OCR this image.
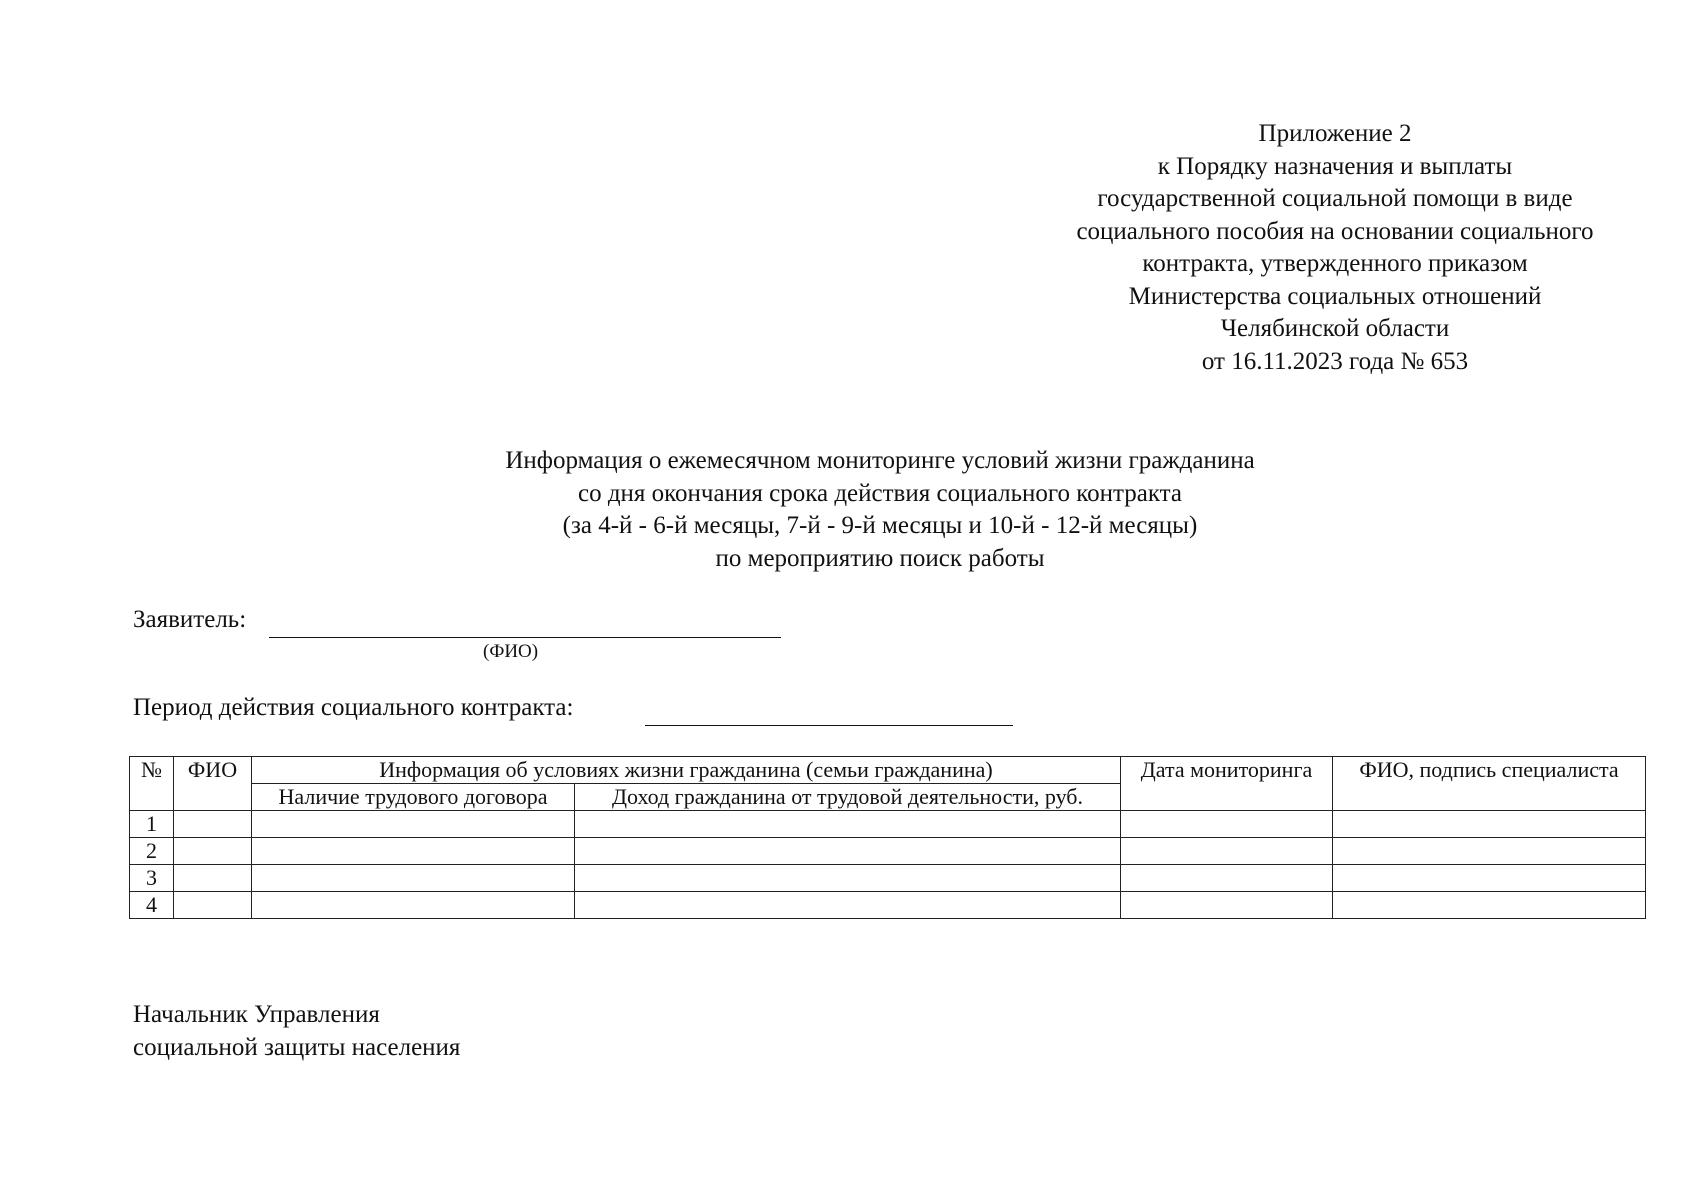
Приложение 2
к Порядку назначения и выплаты
государственной социальной помощи в виде
социального пособия на основании социального
контракта, утвержденного приказом
Министерства социальных отношений
Челябинской области
от 16.11.2023 года № 653
Информация о ежемесячном мониторинге условий жизни гражданина
со дня окончания срока действия социального контракта
(за 4-й - 6-й месяцы, 7-й - 9-й месяцы и 10-й - 12-й месяцы)
по мероприятию поиск работы
Заявитель:
(ФИО)
Период действия социального контракта:
№	ФИО	Информация об условиях жизни гражданина (семьи гражданина)		Дата мониторинга	ФИО, подпись специалиста
		Наличие трудового договора	Доход гражданина от трудовой деятельности, руб.		
1					
2					
3					
4					
Начальник Управления
социальной защиты населения
